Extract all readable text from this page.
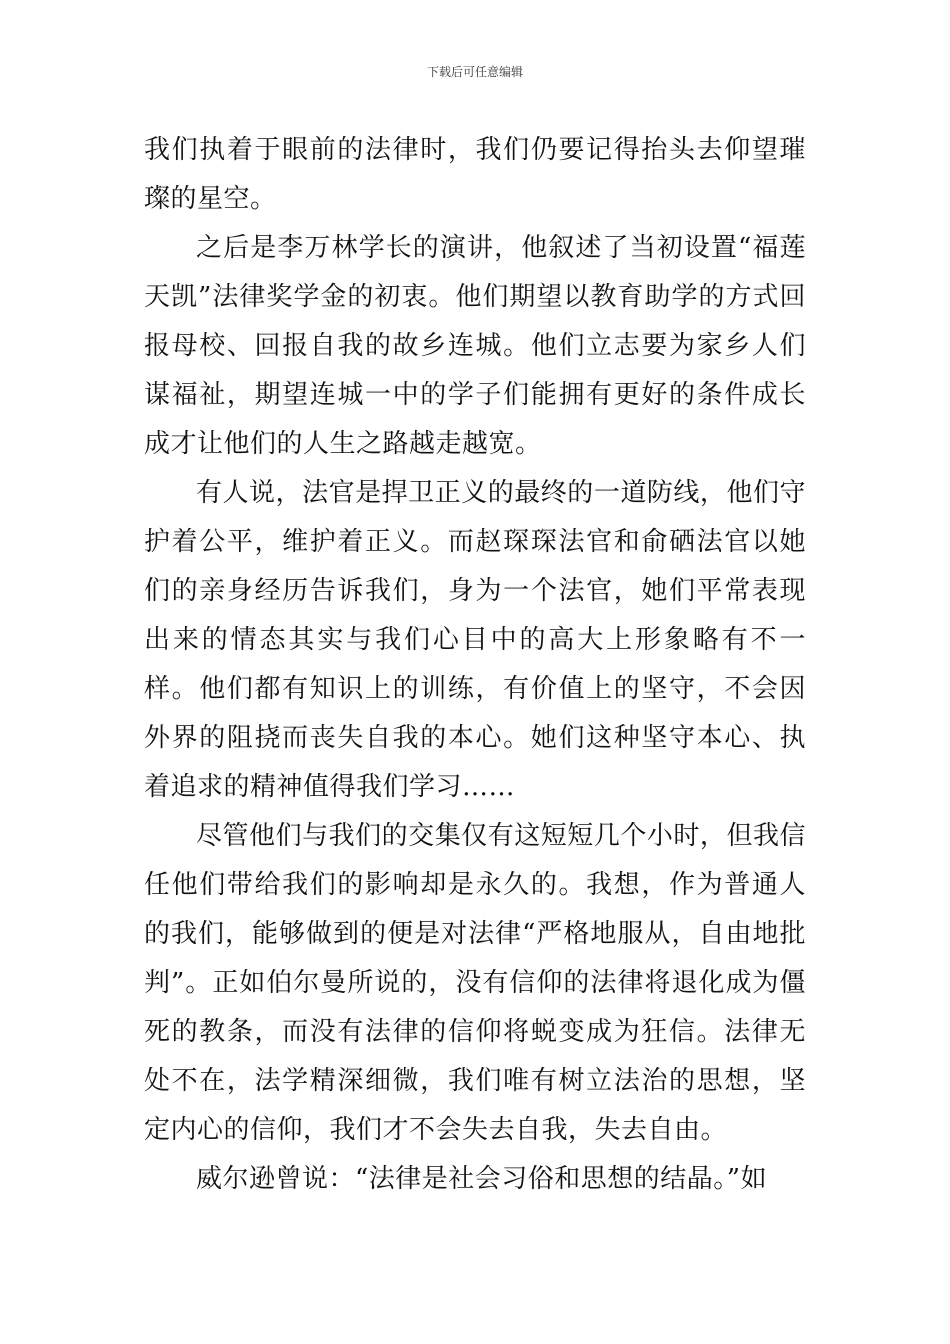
下载后可任意编辑

我们执着于眼前的法律时，我们仍要记得抬头去仰望璀璨的星空。

之后是李万林学长的演讲，他叙述了当初设置“福莲天凯”法律奖学金的初衷。他们期望以教育助学的方式回报母校、回报自我的故乡连城。他们立志要为家乡人们谋福祉，期望连城一中的学子们能拥有更好的条件成长成才让他们的人生之路越走越宽。

有人说，法官是捍卫正义的最终的一道防线，他们守护着公平，维护着正义。而赵琛琛法官和俞硒法官以她们的亲身经历告诉我们，身为一个法官，她们平常表现出来的情态其实与我们心目中的高大上形象略有不一样。他们都有知识上的训练，有价值上的坚守，不会因外界的阻挠而丧失自我的本心。她们这种坚守本心、执着追求的精神值得我们学习……

尽管他们与我们的交集仅有这短短几个小时，但我信任他们带给我们的影响却是永久的。我想，作为普通人的我们，能够做到的便是对法律“严格地服从，自由地批判”。正如伯尔曼所说的，没有信仰的法律将退化成为僵死的教条，而没有法律的信仰将蜕变成为狂信。法律无处不在，法学精深细微，我们唯有树立法治的思想，坚定内心的信仰，我们才不会失去自我，失去自由。

威尔逊曾说：“法律是社会习俗和思想的结晶。”如
